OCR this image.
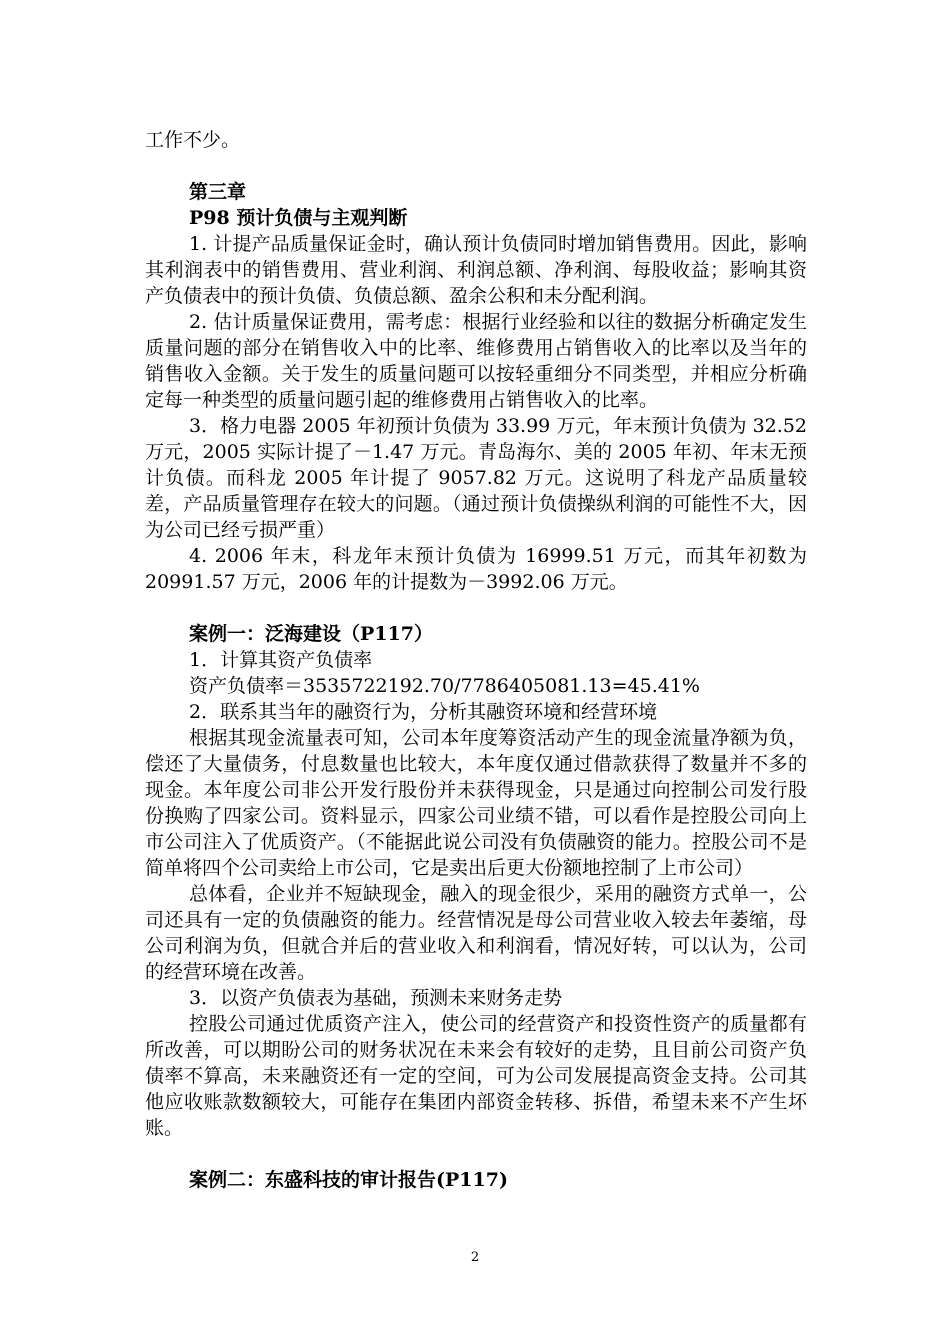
工作不少。

第三章

P98 预计负债与主观判断

1. 计提产品质量保证金时，确认预计负债同时增加销售费用。因此，影响其利润表中的销售费用、营业利润、利润总额、净利润、每股收益；影响其资产负债表中的预计负债、负债总额、盈余公积和未分配利润。

2. 估计质量保证费用，需考虑：根据行业经验和以往的数据分析确定发生质量问题的部分在销售收入中的比率、维修费用占销售收入的比率以及当年的销售收入金额。关于发生的质量问题可以按轻重细分不同类型，并相应分析确定每一种类型的质量问题引起的维修费用占销售收入的比率。

3．格力电器 2005 年初预计负债为 33.99 万元，年末预计负债为 32.52 万元，2005 实际计提了－1.47 万元。青岛海尔、美的 2005 年初、年末无预计负债。而科龙 2005 年计提了 9057.82 万元。这说明了科龙产品质量较差，产品质量管理存在较大的问题。（通过预计负债操纵利润的可能性不大，因为公司已经亏损严重）

4. 2006 年末，科龙年末预计负债为 16999.51 万元，而其年初数为 20991.57 万元，2006 年的计提数为－3992.06 万元。

案例一：泛海建设（P117）

1．计算其资产负债率

资产负债率＝3535722192.70/7786405081.13=45.41%

2．联系其当年的融资行为，分析其融资环境和经营环境

根据其现金流量表可知，公司本年度筹资活动产生的现金流量净额为负，偿还了大量债务，付息数量也比较大，本年度仅通过借款获得了数量并不多的现金。本年度公司非公开发行股份并未获得现金，只是通过向控制公司发行股份换购了四家公司。资料显示，四家公司业绩不错，可以看作是控股公司向上市公司注入了优质资产。（不能据此说公司没有负债融资的能力。控股公司不是简单将四个公司卖给上市公司，它是卖出后更大份额地控制了上市公司）

总体看，企业并不短缺现金，融入的现金很少，采用的融资方式单一，公司还具有一定的负债融资的能力。经营情况是母公司营业收入较去年萎缩，母公司利润为负，但就合并后的营业收入和利润看，情况好转，可以认为，公司的经营环境在改善。

3．以资产负债表为基础，预测未来财务走势

控股公司通过优质资产注入，使公司的经营资产和投资性资产的质量都有所改善，可以期盼公司的财务状况在未来会有较好的走势，且目前公司资产负债率不算高，未来融资还有一定的空间，可为公司发展提高资金支持。公司其他应收账款数额较大，可能存在集团内部资金转移、拆借，希望未来不产生坏账。

案例二：东盛科技的审计报告(P117)

2
